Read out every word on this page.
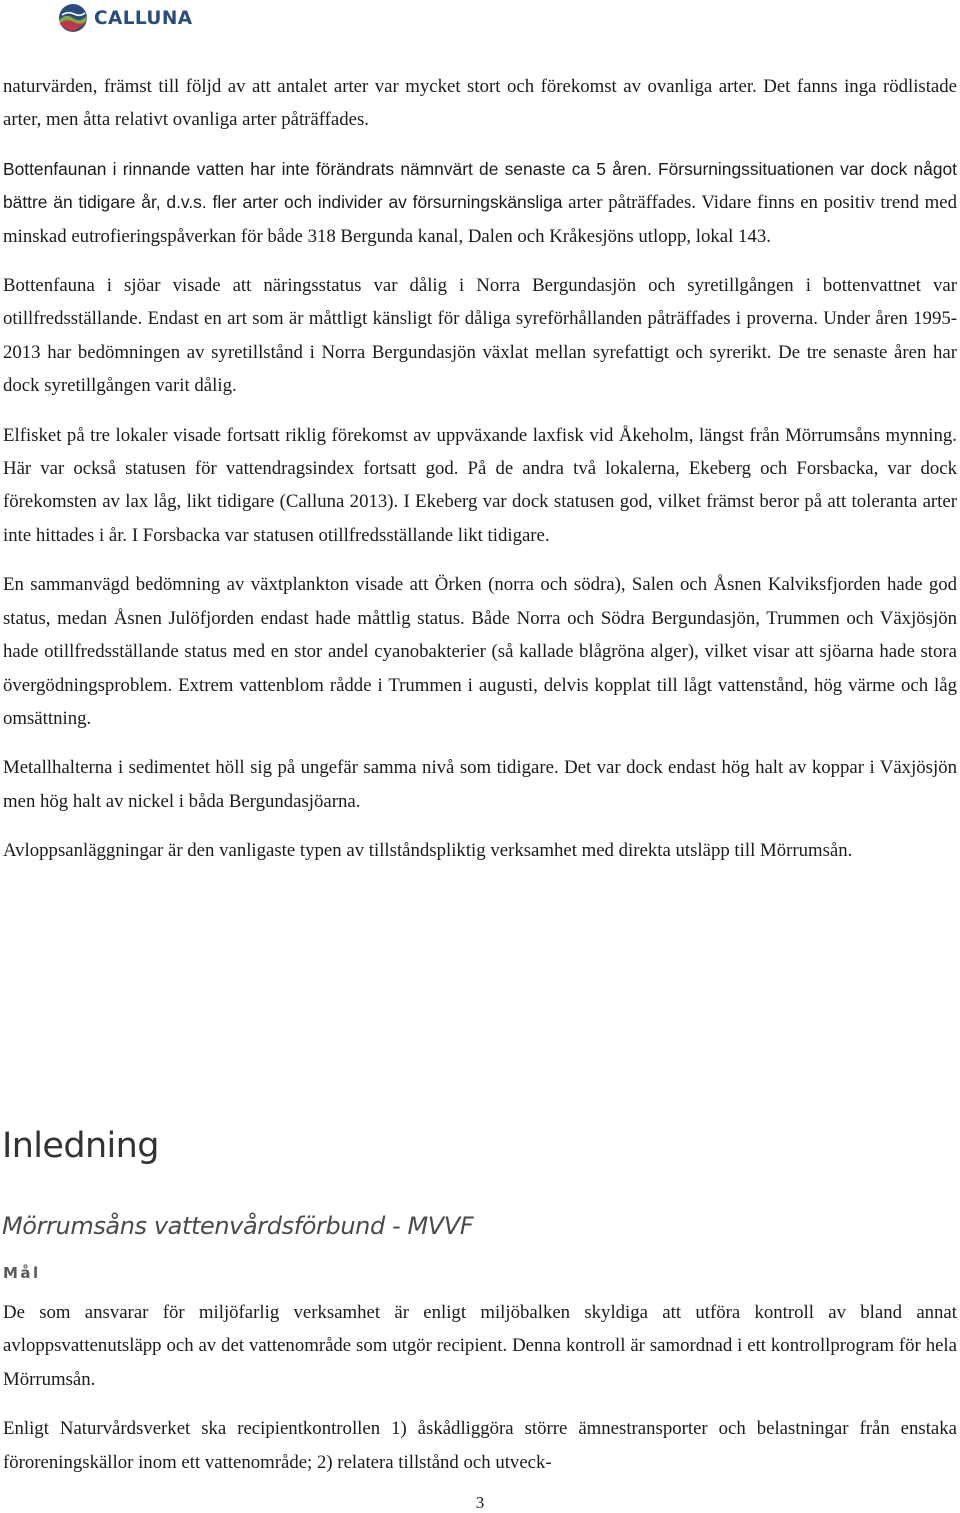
CALLUNA

naturvärden, främst till följd av att antalet arter var mycket stort och förekomst av ovanliga arter. Det fanns inga rödlistade arter, men åtta relativt ovanliga arter påträffades.

Bottenfaunan i rinnande vatten har inte förändrats nämnvärt de senaste ca 5 åren. Försurningssituationen var dock något bättre än tidigare år, d.v.s. fler arter och individer av försurningskänsliga arter påträffades. Vidare finns en positiv trend med minskad eutrofieringspåverkan för både 318 Bergunda kanal, Dalen och Kråkesjöns utlopp, lokal 143.

Bottenfauna i sjöar visade att näringsstatus var dålig i Norra Bergundasjön och syretillgången i bottenvattnet var otillfredsställande. Endast en art som är måttligt känsligt för dåliga syreförhållanden påträffades i proverna. Under åren 1995-2013 har bedömningen av syretillstånd i Norra Bergundasjön växlat mellan syrefattigt och syrerikt. De tre senaste åren har dock syretillgången varit dålig.

Elfisket på tre lokaler visade fortsatt riklig förekomst av uppväxande laxfisk vid Åkeholm, längst från Mörrumsåns mynning. Här var också statusen för vattendragsindex fortsatt god. På de andra två lokalerna, Ekeberg och Forsbacka, var dock förekomsten av lax låg, likt tidigare (Calluna 2013). I Ekeberg var dock statusen god, vilket främst beror på att toleranta arter inte hittades i år. I Forsbacka var statusen otillfredsställande likt tidigare.

En sammanvägd bedömning av växtplankton visade att Örken (norra och södra), Salen och Åsnen Kalviksfjorden hade god status, medan Åsnen Julöfjorden endast hade måttlig status. Både Norra och Södra Bergundasjön, Trummen och Växjösjön hade otillfredsställande status med en stor andel cyanobakterier (så kallade blågröna alger), vilket visar att sjöarna hade stora övergödningsproblem. Extrem vattenblom rådde i Trummen i augusti, delvis kopplat till lågt vattenstånd, hög värme och låg omsättning.

Metallhalterna i sedimentet höll sig på ungefär samma nivå som tidigare. Det var dock endast hög halt av koppar i Växjösjön men hög halt av nickel i båda Bergundasjöarna.

Avloppsanläggningar är den vanligaste typen av tillståndspliktig verksamhet med direkta utsläpp till Mörrumsån.

Inledning
Mörrumsåns vattenvårdsförbund - MVVF
Mål

De som ansvarar för miljöfarlig verksamhet är enligt miljöbalken skyldiga att utföra kontroll av bland annat avloppsvattenutsläpp och av det vattenområde som utgör recipient. Denna kontroll är samordnad i ett kontrollprogram för hela Mörrumsån.

Enligt Naturvårdsverket ska recipientkontrollen 1) åskådliggöra större ämnestransporter och belastningar från enstaka föroreningskällor inom ett vattenområde; 2) relatera tillstånd och utveck-

3
